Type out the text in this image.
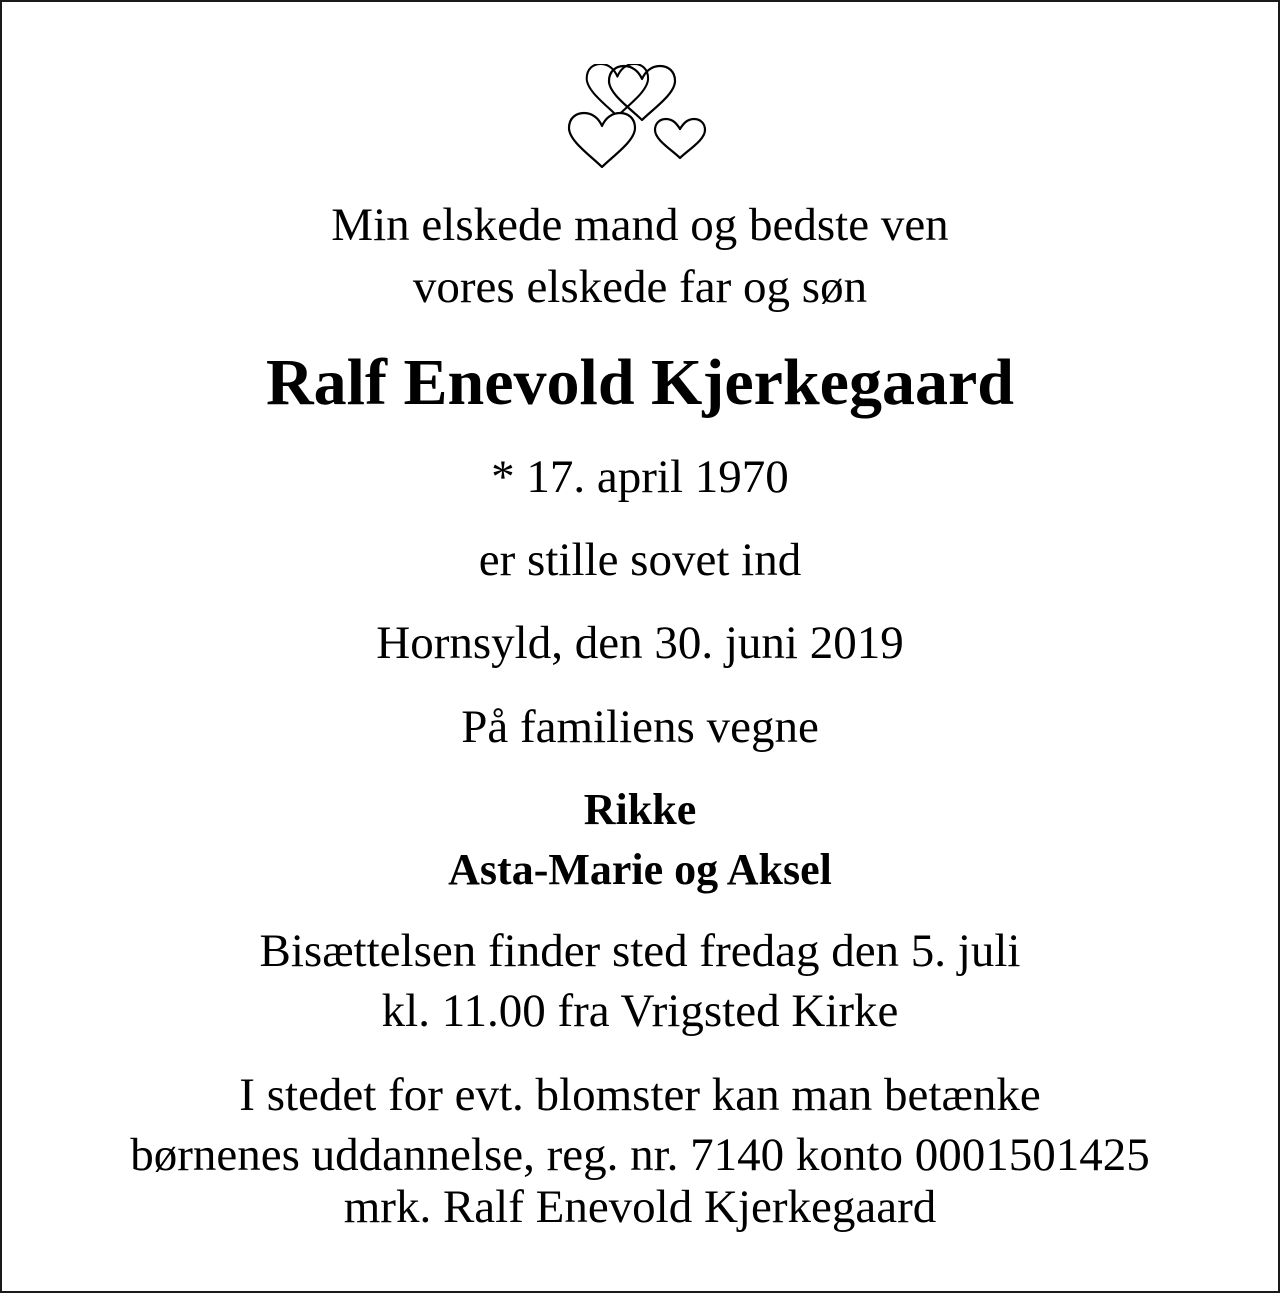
Min elskede mand og bedste ven
vores elskede far og søn
Ralf Enevold Kjerkegaard
* 17. april 1970
er stille sovet ind
Hornsyld, den 30. juni 2019
På familiens vegne
Rikke
Asta-Marie og Aksel
Bisættelsen finder sted fredag den 5. juli
kl. 11.00 fra Vrigsted Kirke
I stedet for evt. blomster kan man betænke
børnenes uddannelse, reg. nr. 7140 konto 0001501425
mrk. Ralf Enevold Kjerkegaard
